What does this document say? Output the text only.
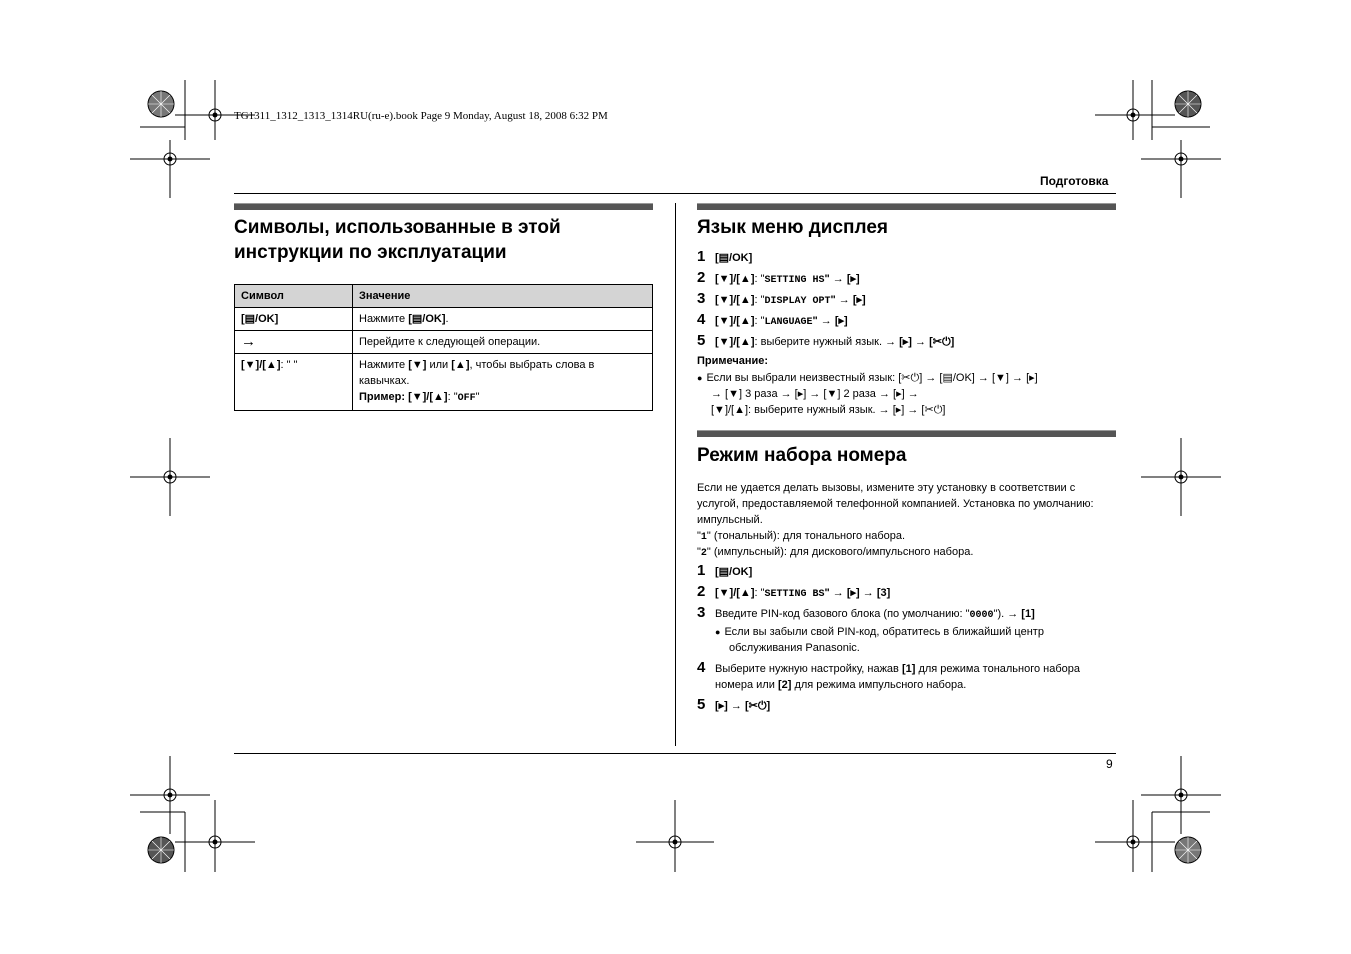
TG1311_1312_1313_1314RU(ru-e).book Page 9 Monday, August 18, 2008 6:32 PM
Подготовка
Символы, использованные в этой
инструкции по эксплуатации
Символ	Значение
[▤/OK]	Нажмите [▤/OK].
→	Перейдите к следующей операции.
[▼]/[▲]: " "	Нажмите [▼] или [▲], чтобы выбрать слова в кавычках.
Пример: [▼]/[▲]: "OFF"
Язык меню дисплея
1 [▤/OK]
2 [▼]/[▲]: "SETTING HS" → [▸]
3 [▼]/[▲]: "DISPLAY OPT" → [▸]
4 [▼]/[▲]: "LANGUAGE" → [▸]
5 [▼]/[▲]: выберите нужный язык. → [▸] → [✂⏻]
Примечание:
● Если вы выбрали неизвестный язык: [✂⏻] → [▤/OK] → [▼] → [▸]
→ [▼] 3 раза → [▸] → [▼] 2 раза → [▸] →
[▼]/[▲]: выберите нужный язык. → [▸] → [✂⏻]
Режим набора номера
Если не удается делать вызовы, измените эту установку в соответствии с
услугой, предоставляемой телефонной компанией. Установка по умолчанию:
импульсный.
"1" (тональный): для тонального набора.
"2" (импульсный): для дискового/импульсного набора.
1 [▤/OK]
2 [▼]/[▲]: "SETTING BS" → [▸] → [3]
3 Введите PIN-код базового блока (по умолчанию: "0000"). → [1]
● Если вы забыли свой PIN-код, обратитесь в ближайший центр
обслуживания Panasonic.
4 Выберите нужную настройку, нажав [1] для режима тонального набора
номера или [2] для режима импульсного набора.
5 [▸] → [✂⏻]
9
